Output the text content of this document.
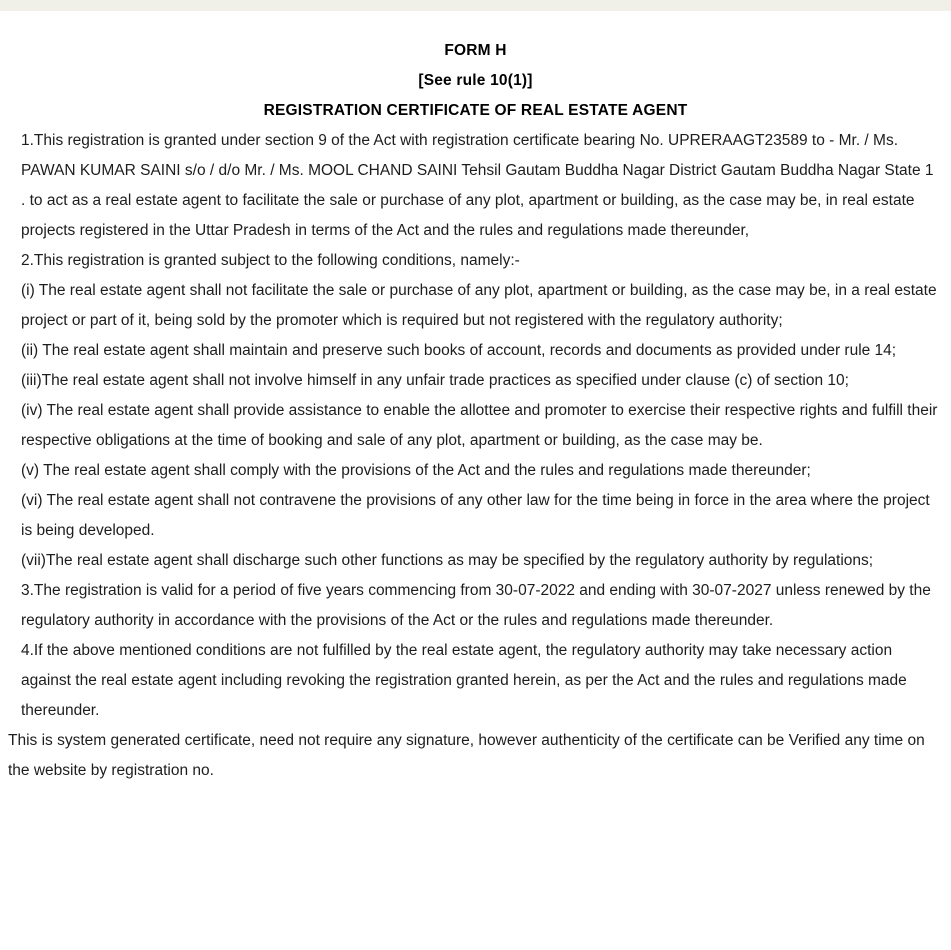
FORM H
[See rule 10(1)]
REGISTRATION CERTIFICATE OF REAL ESTATE AGENT

1.This registration is granted under section 9 of the Act with registration certificate bearing No. UPRERAAGT23589 to - Mr. / Ms. PAWAN KUMAR SAINI s/o / d/o Mr. / Ms. MOOL CHAND SAINI Tehsil Gautam Buddha Nagar District Gautam Buddha Nagar State 1 . to act as a real estate agent to facilitate the sale or purchase of any plot, apartment or building, as the case may be, in real estate projects registered in the Uttar Pradesh in terms of the Act and the rules and regulations made thereunder,

2.This registration is granted subject to the following conditions, namely:-

(i) The real estate agent shall not facilitate the sale or purchase of any plot, apartment or building, as the case may be, in a real estate project or part of it, being sold by the promoter which is required but not registered with the regulatory authority;

(ii) The real estate agent shall maintain and preserve such books of account, records and documents as provided under rule 14;

(iii)The real estate agent shall not involve himself in any unfair trade practices as specified under clause (c) of section 10;

(iv) The real estate agent shall provide assistance to enable the allottee and promoter to exercise their respective rights and fulfill their respective obligations at the time of booking and sale of any plot, apartment or building, as the case may be.

(v) The real estate agent shall comply with the provisions of the Act and the rules and regulations made thereunder;

(vi) The real estate agent shall not contravene the provisions of any other law for the time being in force in the area where the project is being developed.

(vii)The real estate agent shall discharge such other functions as may be specified by the regulatory authority by regulations;

3.The registration is valid for a period of five years commencing from 30-07-2022 and ending with 30-07-2027 unless renewed by the regulatory authority in accordance with the provisions of the Act or the rules and regulations made thereunder.

4.If the above mentioned conditions are not fulfilled by the real estate agent, the regulatory authority may take necessary action against the real estate agent including revoking the registration granted herein, as per the Act and the rules and regulations made thereunder.

This is system generated certificate, need not require any signature, however authenticity of the certificate can be Verified any time on the website by registration no.
